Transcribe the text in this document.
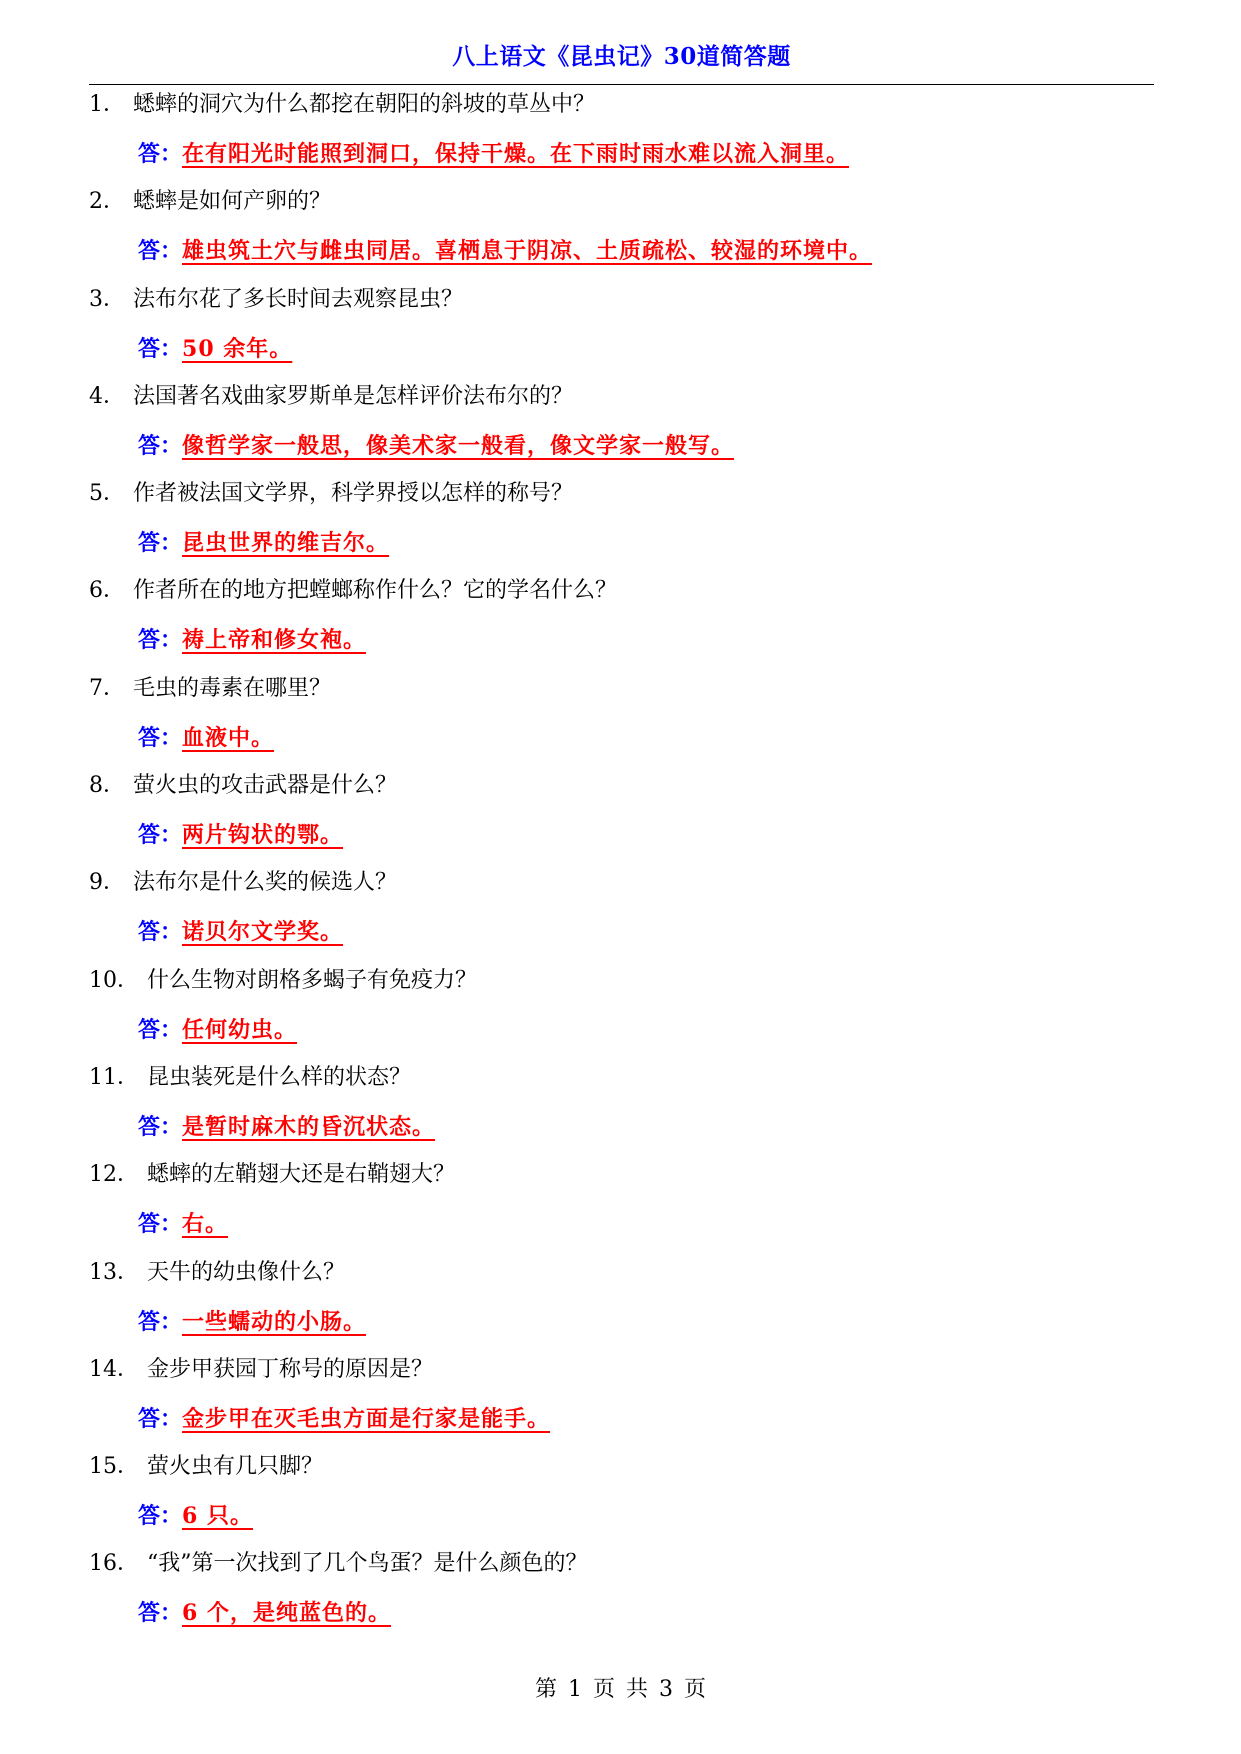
八上语文《昆虫记》30道简答题
1． 蟋蟀的洞穴为什么都挖在朝阳的斜坡的草丛中？
答：在有阳光时能照到洞口，保持干燥。在下雨时雨水难以流入洞里。
2． 蟋蟀是如何产卵的？
答：雄虫筑土穴与雌虫同居。喜栖息于阴凉、土质疏松、较湿的环境中。
3． 法布尔花了多长时间去观察昆虫？
答：50 余年。
4． 法国著名戏曲家罗斯单是怎样评价法布尔的？
答：像哲学家一般思，像美术家一般看，像文学家一般写。
5． 作者被法国文学界，科学界授以怎样的称号？
答：昆虫世界的维吉尔。
6． 作者所在的地方把螳螂称作什么？它的学名什么？
答：祷上帝和修女袍。
7． 毛虫的毒素在哪里？
答：血液中。
8． 萤火虫的攻击武器是什么？
答：两片钩状的鄂。
9． 法布尔是什么奖的候选人？
答：诺贝尔文学奖。
10． 什么生物对朗格多蝎子有免疫力？
答：任何幼虫。
11． 昆虫装死是什么样的状态？
答：是暂时麻木的昏沉状态。
12． 蟋蟀的左鞘翅大还是右鞘翅大？
答：右。
13． 天牛的幼虫像什么？
答：一些蠕动的小肠。
14． 金步甲获园丁称号的原因是？
答：金步甲在灭毛虫方面是行家是能手。
15． 萤火虫有几只脚？
答：6 只。
16． “我”第一次找到了几个鸟蛋？是什么颜色的？
答：6 个，是纯蓝色的。
第 1 页 共 3 页
